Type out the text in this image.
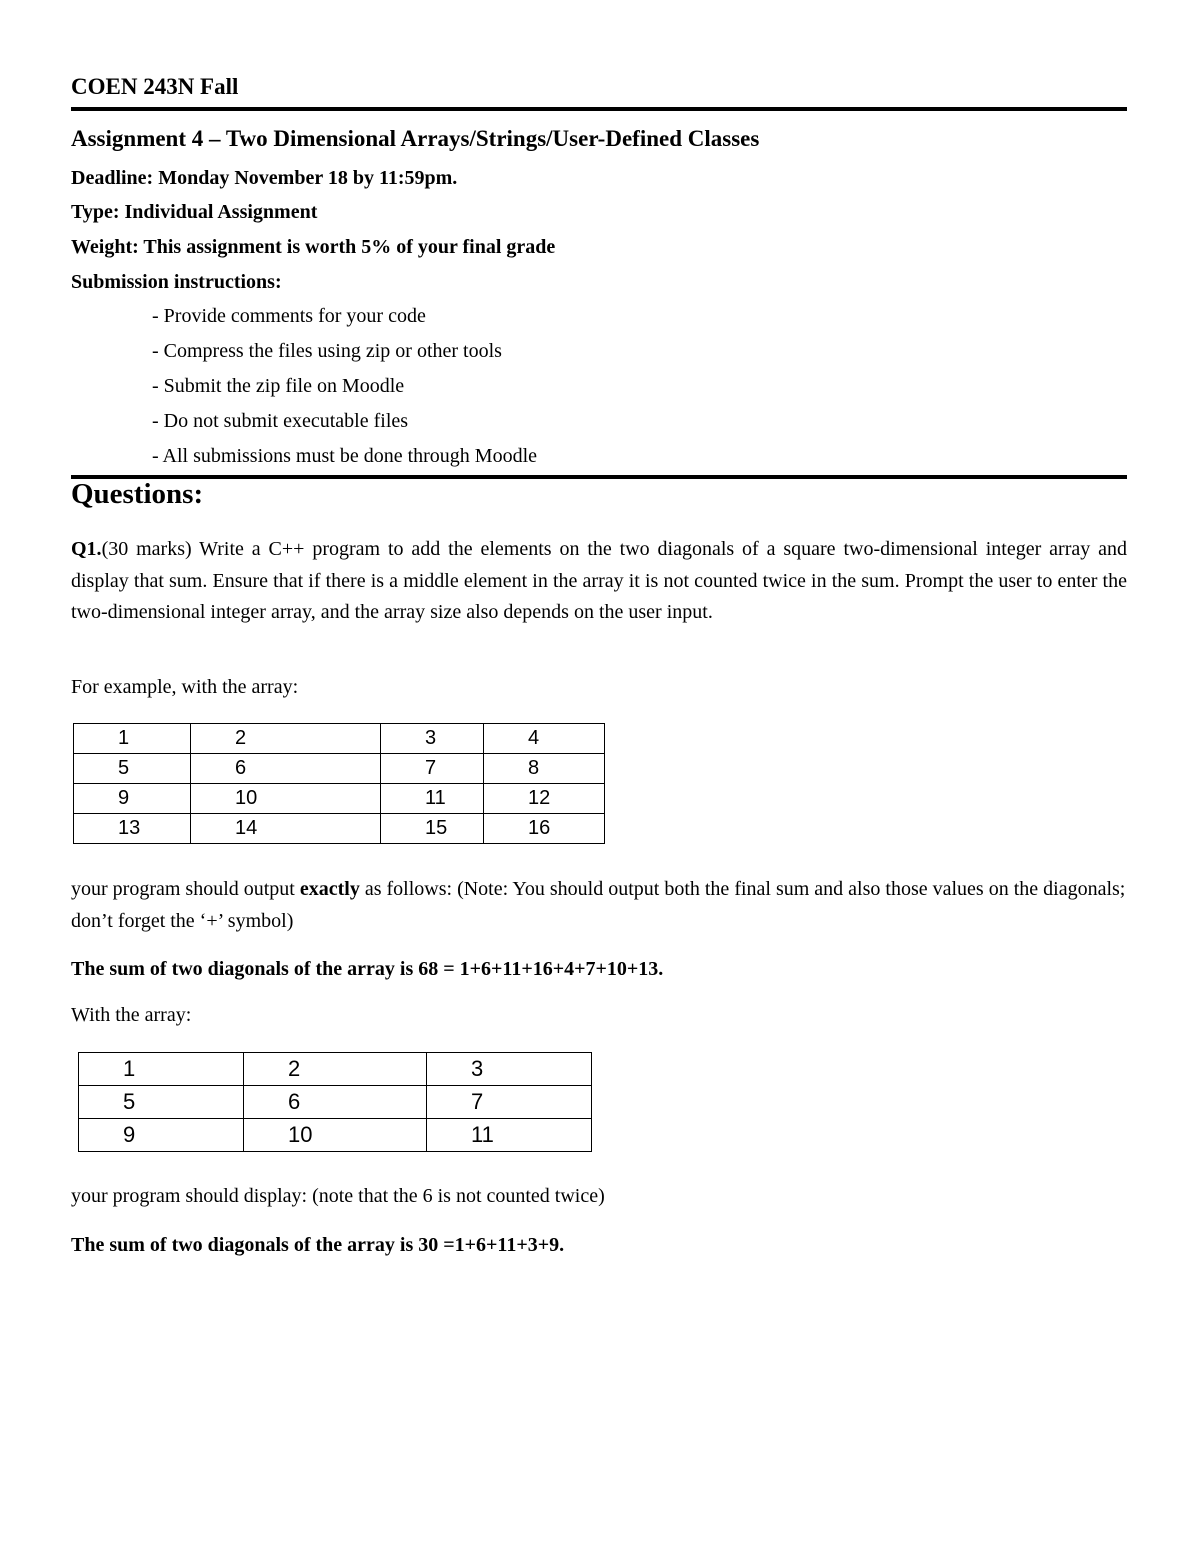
COEN 243N Fall
Assignment 4 – Two Dimensional Arrays/Strings/User-Defined Classes
Deadline: Monday November 18 by 11:59pm.
Type: Individual Assignment
Weight: This assignment is worth 5% of your final grade
Submission instructions:
- Provide comments for your code
- Compress the files using zip or other tools
- Submit the zip file on Moodle
- Do not submit executable files
- All submissions must be done through Moodle
Questions:

Q1.(30 marks) Write a C++ program to add the elements on the two diagonals of a square two-dimensional integer array and display that sum. Ensure that if there is a middle element in the array it is not counted twice in the sum. Prompt the user to enter the two-dimensional integer array, and the array size also depends on the user input.

For example, with the array:

1	2	3	4
5	6	7	8
9	10	11	12
13	14	15	16

your program should output exactly as follows: (Note: You should output both the final sum and also those values on the diagonals; don’t forget the ‘+’ symbol)

The sum of two diagonals of the array is 68 = 1+6+11+16+4+7+10+13.

With the array:

1	2	3
5	6	7
9	10	11

your program should display: (note that the 6 is not counted twice)

The sum of two diagonals of the array is 30 =1+6+11+3+9.
